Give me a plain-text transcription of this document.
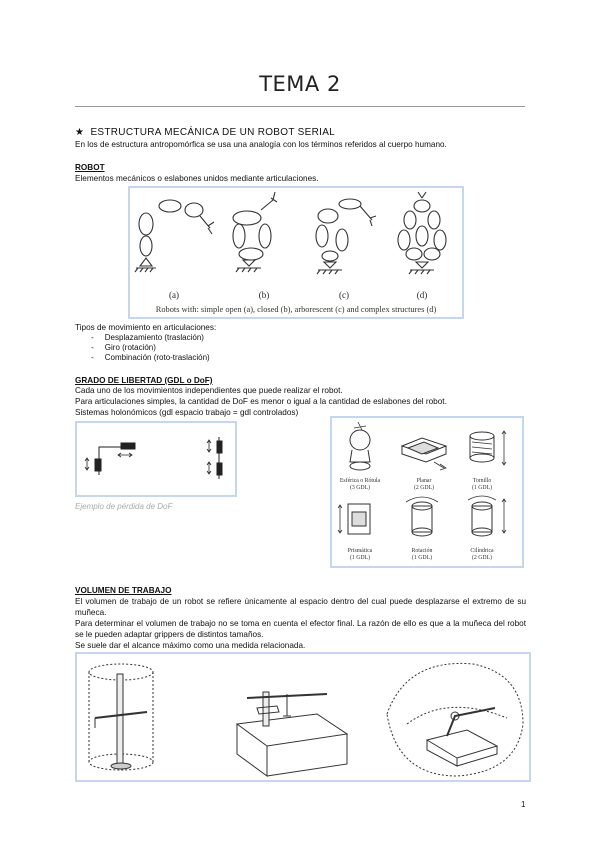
TEMA 2
★ ESTRUCTURA MECÁNICA DE UN ROBOT SERIAL
En los de estructura antropomórfica se usa una analogía con los términos referidos al cuerpo humano.
ROBOT
Elementos mecánicos o eslabones unidos mediante articulaciones.
(a)	(b)	(c)	(d)
Robots with: simple open (a), closed (b), arborescent (c) and complex structures (d)
Tipos de movimiento en articulaciones:
-     Desplazamiento (traslación)
-     Giro (rotación)
-     Combinación (roto-traslación)
GRADO DE LIBERTAD (GDL o DoF)
Cada uno de los movimientos independientes que puede realizar el robot.
Para articulaciones simples, la cantidad de DoF es menor o igual a la cantidad de eslabones del robot.
Sistemas holonómicos (gdl espacio trabajo = gdl controlados)
Ejemplo de pérdida de DoF
Esférica o Rótula
(3 GDL)
Planar
(2 GDL)
Tornillo
(1 GDL)
Prismática
(1 GDL)
Rotación
(1 GDL)
Cilíndrica
(2 GDL)
VOLUMEN DE TRABAJO
El volumen de trabajo de un robot se refiere únicamente al espacio dentro del cual puede desplazarse el extremo de su muñeca.
Para determinar el volumen de trabajo no se toma en cuenta el efector final. La razón de ello es que a la muñeca del robot se le pueden adaptar grippers de distintos tamaños.
Se suele dar el alcance máximo como una medida relacionada.
1
